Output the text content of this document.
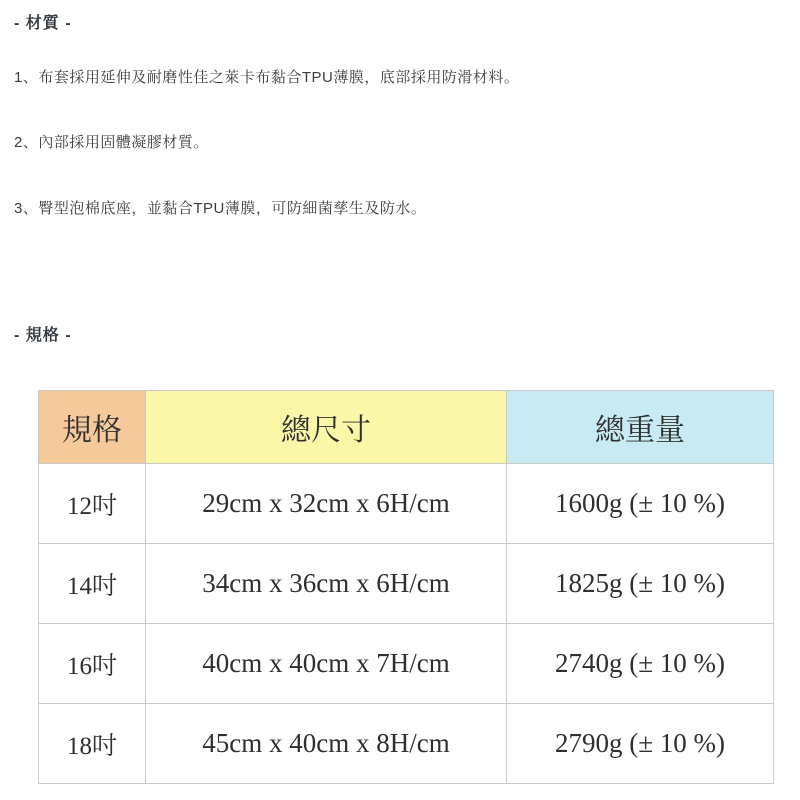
- 材質 -
1、布套採用延伸及耐磨性佳之萊卡布黏合TPU薄膜，底部採用防滑材料。
2、內部採用固體凝膠材質。
3、臀型泡棉底座，並黏合TPU薄膜，可防細菌孳生及防水。
- 規格 -
規格	總尺寸	總重量
12吋	29cm x 32cm x 6H/cm	1600g (± 10 %)
14吋	34cm x 36cm x 6H/cm	1825g (± 10 %)
16吋	40cm x 40cm x 7H/cm	2740g (± 10 %)
18吋	45cm x 40cm x 8H/cm	2790g (± 10 %)
